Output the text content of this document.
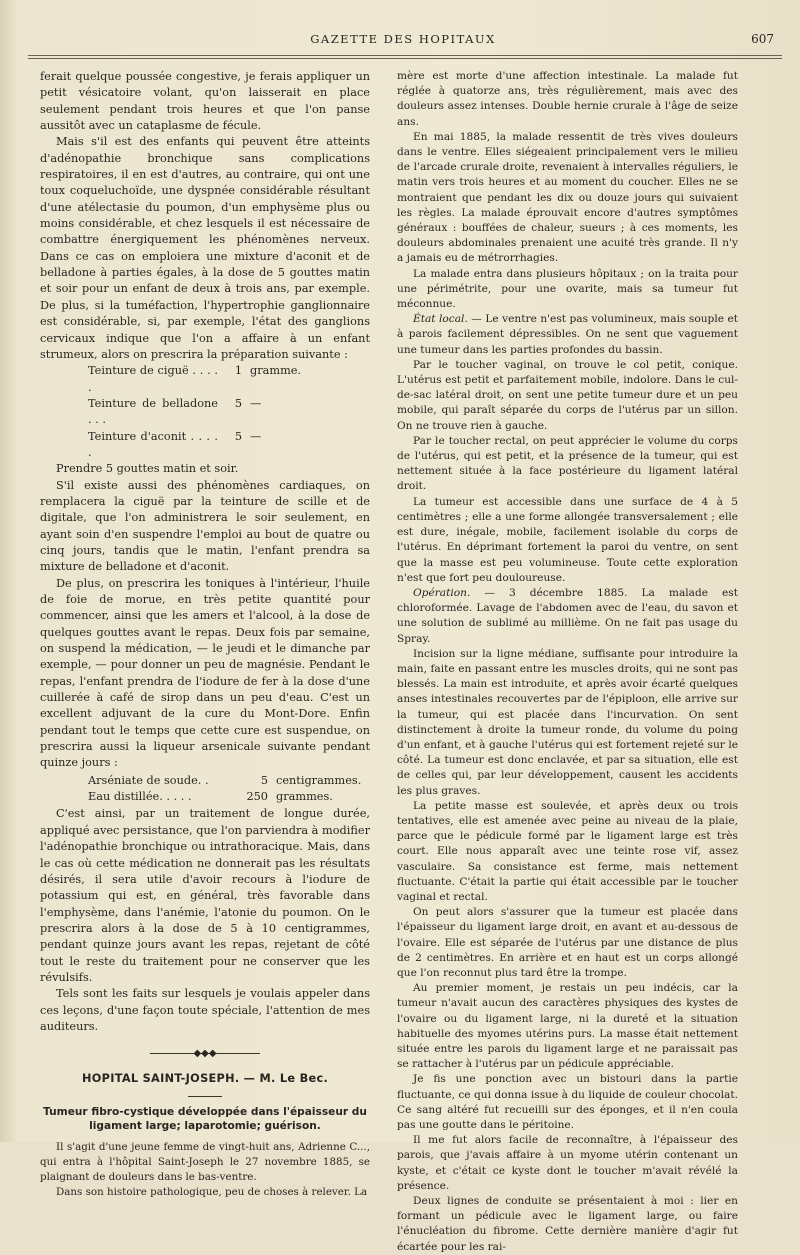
GAZETTE DES HOPITAUX	607

ferait quelque poussée congestive, je ferais appliquer un petit vésicatoire volant, qu'on laisserait en place seulement pendant trois heures et que l'on panse aussitôt avec un cataplasme de fécule.

Mais s'il est des enfants qui peuvent être atteints d'adénopathie bronchique sans complications respiratoires, il en est d'autres, au contraire, qui ont une toux coqueluchoïde, une dyspnée considérable résultant d'une atélectasie du poumon, d'un emphysème plus ou moins considérable, et chez lesquels il est nécessaire de combattre énergiquement les phénomènes nerveux. Dans ce cas on emploiera une mixture d'aconit et de belladone à parties égales, à la dose de 5 gouttes matin et soir pour un enfant de deux à trois ans, par exemple. De plus, si la tuméfaction, l'hypertrophie ganglionnaire est considérable, si, par exemple, l'état des ganglions cervicaux indique que l'on a affaire à un enfant strumeux, alors on prescrira la préparation suivante :

Teinture de ciguë . . . . .
1 gramme.
Teinture de belladone . . .
5 —
Teinture d'aconit . . . . .
5 —

Prendre 5 gouttes matin et soir.

S'il existe aussi des phénomènes cardiaques, on remplacera la ciguë par la teinture de scille et de digitale, que l'on administrera le soir seulement, en ayant soin d'en suspendre l'emploi au bout de quatre ou cinq jours, tandis que le matin, l'enfant prendra sa mixture de belladone et d'aconit.

De plus, on prescrira les toniques à l'intérieur, l'huile de foie de morue, en très petite quantité pour commencer, ainsi que les amers et l'alcool, à la dose de quelques gouttes avant le repas. Deux fois par semaine, on suspend la médication, — le jeudi et le dimanche par exemple, — pour donner un peu de magnésie. Pendant le repas, l'enfant prendra de l'iodure de fer à la dose d'une cuillerée à café de sirop dans un peu d'eau. C'est un excellent adjuvant de la cure du Mont-Dore. Enfin pendant tout le temps que cette cure est suspendue, on prescrira aussi la liqueur arsenicale suivante pendant quinze jours :

Arséniate de soude. .	5 centigrammes.
Eau distillée. . . . .	250 grammes.

C'est ainsi, par un traitement de longue durée, appliqué avec persistance, que l'on parviendra à modifier l'adénopathie bronchique ou intrathoracique. Mais, dans le cas où cette médication ne donnerait pas les résultats désirés, il sera utile d'avoir recours à l'iodure de potassium qui est, en général, très favorable dans l'emphysème, dans l'anémie, l'atonie du poumon. On le prescrira alors à la dose de 5 à 10 centigrammes, pendant quinze jours avant les repas, rejetant de côté tout le reste du traitement pour ne conserver que les révulsifs.

Tels sont les faits sur lesquels je voulais appeler dans ces leçons, d'une façon toute spéciale, l'attention de mes auditeurs.

◆◆◆
HOPITAL SAINT-JOSEPH. — M. Le Bec.
Tumeur fibro-cystique développée dans l'épaisseur du ligament large; laparotomie; guérison.

Il s'agit d'une jeune femme de vingt-huit ans, Adrienne C..., qui entra à l'hôpital Saint-Joseph le 27 novembre 1885, se plaignant de douleurs dans le bas-ventre.

Dans son histoire pathologique, peu de choses à relever. La

mère est morte d'une affection intestinale. La malade fut réglée à quatorze ans, très régulièrement, mais avec des douleurs assez intenses. Double hernie crurale à l'âge de seize ans.

En mai 1885, la malade ressentit de très vives douleurs dans le ventre. Elles siégeaient principalement vers le milieu de l'arcade crurale droite, revenaient à intervalles réguliers, le matin vers trois heures et au moment du coucher. Elles ne se montraient que pendant les dix ou douze jours qui suivaient les règles. La malade éprouvait encore d'autres symptômes généraux : bouffées de chaleur, sueurs ; à ces moments, les douleurs abdominales prenaient une acuité très grande. Il n'y a jamais eu de métrorrhagies.

La malade entra dans plusieurs hôpitaux ; on la traita pour une périmétrite, pour une ovarite, mais sa tumeur fut méconnue.

État local. — Le ventre n'est pas volumineux, mais souple et à parois facilement dépressibles. On ne sent que vaguement une tumeur dans les parties profondes du bassin.

Par le toucher vaginal, on trouve le col petit, conique. L'utérus est petit et parfaitement mobile, indolore. Dans le cul-de-sac latéral droit, on sent une petite tumeur dure et un peu mobile, qui paraît séparée du corps de l'utérus par un sillon. On ne trouve rien à gauche.

Par le toucher rectal, on peut apprécier le volume du corps de l'utérus, qui est petit, et la présence de la tumeur, qui est nettement située à la face postérieure du ligament latéral droit.

La tumeur est accessible dans une surface de 4 à 5 centimètres ; elle a une forme allongée transversalement ; elle est dure, inégale, mobile, facilement isolable du corps de l'utérus. En déprimant fortement la paroi du ventre, on sent que la masse est peu volumineuse. Toute cette exploration n'est que fort peu douloureuse.

Opération. — 3 décembre 1885. La malade est chloroformée. Lavage de l'abdomen avec de l'eau, du savon et une solution de sublimé au millième. On ne fait pas usage du Spray.

Incision sur la ligne médiane, suffisante pour introduire la main, faite en passant entre les muscles droits, qui ne sont pas blessés. La main est introduite, et après avoir écarté quelques anses intestinales recouvertes par de l'épiploon, elle arrive sur la tumeur, qui est placée dans l'incurvation. On sent distinctement à droite la tumeur ronde, du volume du poing d'un enfant, et à gauche l'utérus qui est fortement rejeté sur le côté. La tumeur est donc enclavée, et par sa situation, elle est de celles qui, par leur développement, causent les accidents les plus graves.

La petite masse est soulevée, et après deux ou trois tentatives, elle est amenée avec peine au niveau de la plaie, parce que le pédicule formé par le ligament large est très court. Elle nous apparaît avec une teinte rose vif, assez vasculaire. Sa consistance est ferme, mais nettement fluctuante. C'était la partie qui était accessible par le toucher vaginal et rectal.

On peut alors s'assurer que la tumeur est placée dans l'épaisseur du ligament large droit, en avant et au-dessous de l'ovaire. Elle est séparée de l'utérus par une distance de plus de 2 centimètres. En arrière et en haut est un corps allongé que l'on reconnut plus tard être la trompe.

Au premier moment, je restais un peu indécis, car la tumeur n'avait aucun des caractères physiques des kystes de l'ovaire ou du ligament large, ni la dureté et la situation habituelle des myomes utérins purs. La masse était nettement située entre les parois du ligament large et ne paraissait pas se rattacher à l'utérus par un pédicule appréciable.

Je fis une ponction avec un bistouri dans la partie fluctuante, ce qui donna issue à du liquide de couleur chocolat. Ce sang altéré fut recueilli sur des éponges, et il n'en coula pas une goutte dans le péritoine.

Il me fut alors facile de reconnaître, à l'épaisseur des parois, que j'avais affaire à un myome utérin contenant un kyste, et c'était ce kyste dont le toucher m'avait révélé la présence.

Deux lignes de conduite se présentaient à moi : lier en formant un pédicule avec le ligament large, ou faire l'énucléation du fibrome. Cette dernière manière d'agir fut écartée pour les rai-
